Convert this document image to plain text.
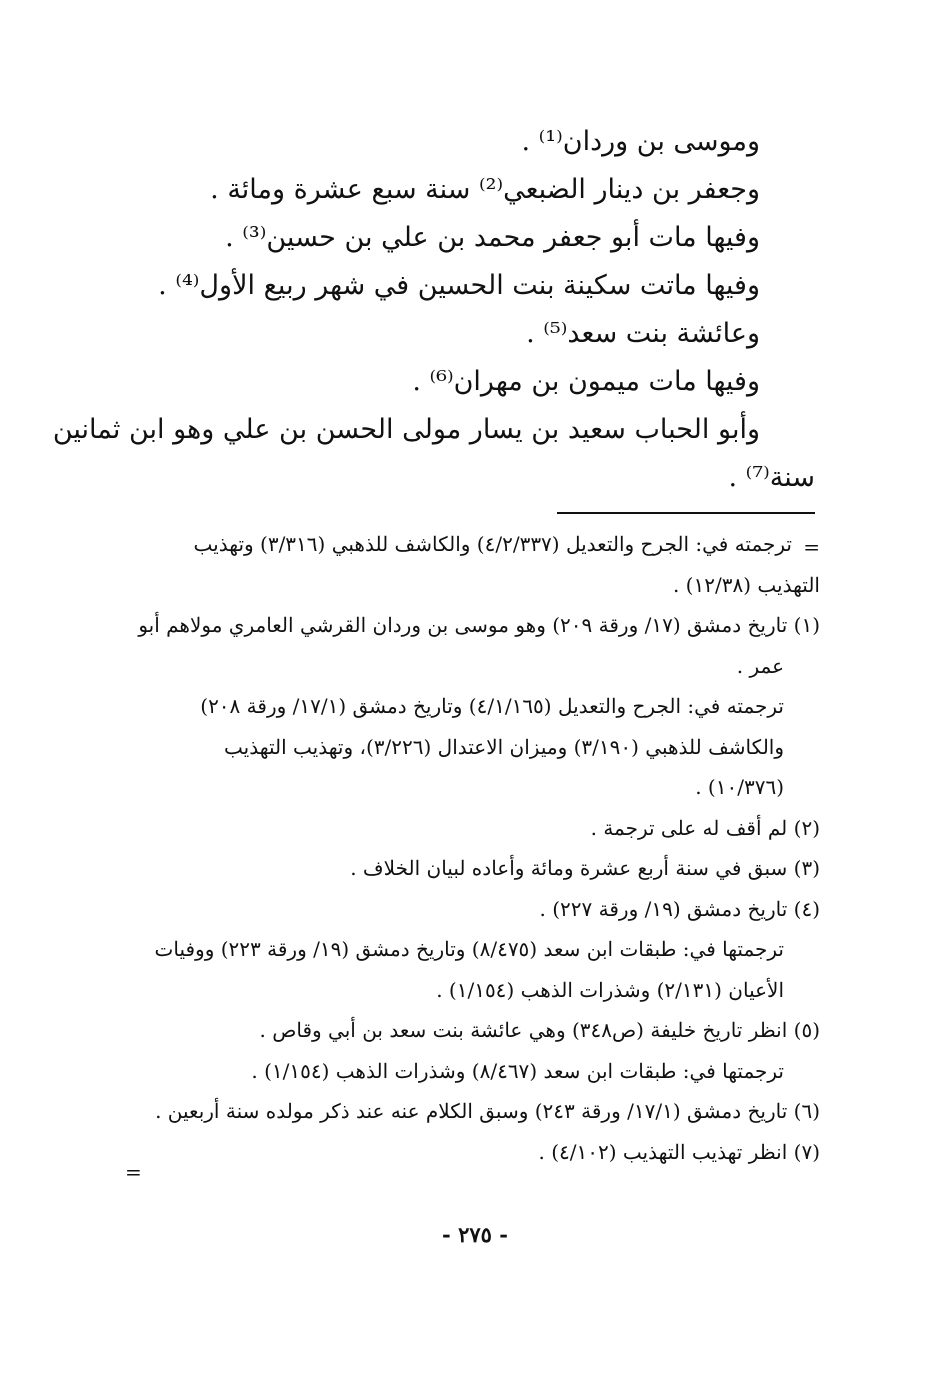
وموسى بن وردان⁽¹⁾ .
وجعفر بن دينار الضبعي⁽²⁾ سنة سبع عشرة ومائة .
وفيها مات أبو جعفر محمد بن علي بن حسين⁽³⁾ .
وفيها ماتت سكينة بنت الحسين في شهر ربيع الأول⁽⁴⁾ .
وعائشة بنت سعد⁽⁵⁾ .
وفيها مات ميمون بن مهران⁽⁶⁾ .
وأبو الحباب سعيد بن يسار مولى الحسن بن علي وهو ابن ثمانين
سنة⁽⁷⁾ .
ترجمته في: الجرح والتعديل (٤/٢/٣٣٧) والكاشف للذهبي (٣/٣١٦) وتهذيب
التهذيب (١٢/٣٨) .
(١) تاريخ دمشق (١٧/ ورقة ٢٠٩) وهو موسى بن وردان القرشي العامري مولاهم أبو
عمر .
ترجمته في: الجرح والتعديل (٤/١/١٦٥) وتاريخ دمشق (١٧/١/ ورقة ٢٠٨)
والكاشف للذهبي (٣/١٩٠) وميزان الاعتدال (٣/٢٢٦)، وتهذيب التهذيب
(١٠/٣٧٦) .
(٢) لم أقف له على ترجمة .
(٣) سبق في سنة أربع عشرة ومائة وأعاده لبيان الخلاف .
(٤) تاريخ دمشق (١٩/ ورقة ٢٢٧) .
ترجمتها في: طبقات ابن سعد (٨/٤٧٥) وتاريخ دمشق (١٩/ ورقة ٢٢٣) ووفيات
الأعيان (٢/١٣١) وشذرات الذهب (١/١٥٤) .
(٥) انظر تاريخ خليفة (ص٣٤٨) وهي عائشة بنت سعد بن أبي وقاص .
ترجمتها في: طبقات ابن سعد (٨/٤٦٧) وشذرات الذهب (١/١٥٤) .
(٦) تاريخ دمشق (١٧/١/ ورقة ٢٤٣) وسبق الكلام عنه عند ذكر مولده سنة أربعين .
(٧) انظر تهذيب التهذيب (٤/١٠٢) .
=
=
- ٢٧٥ -
